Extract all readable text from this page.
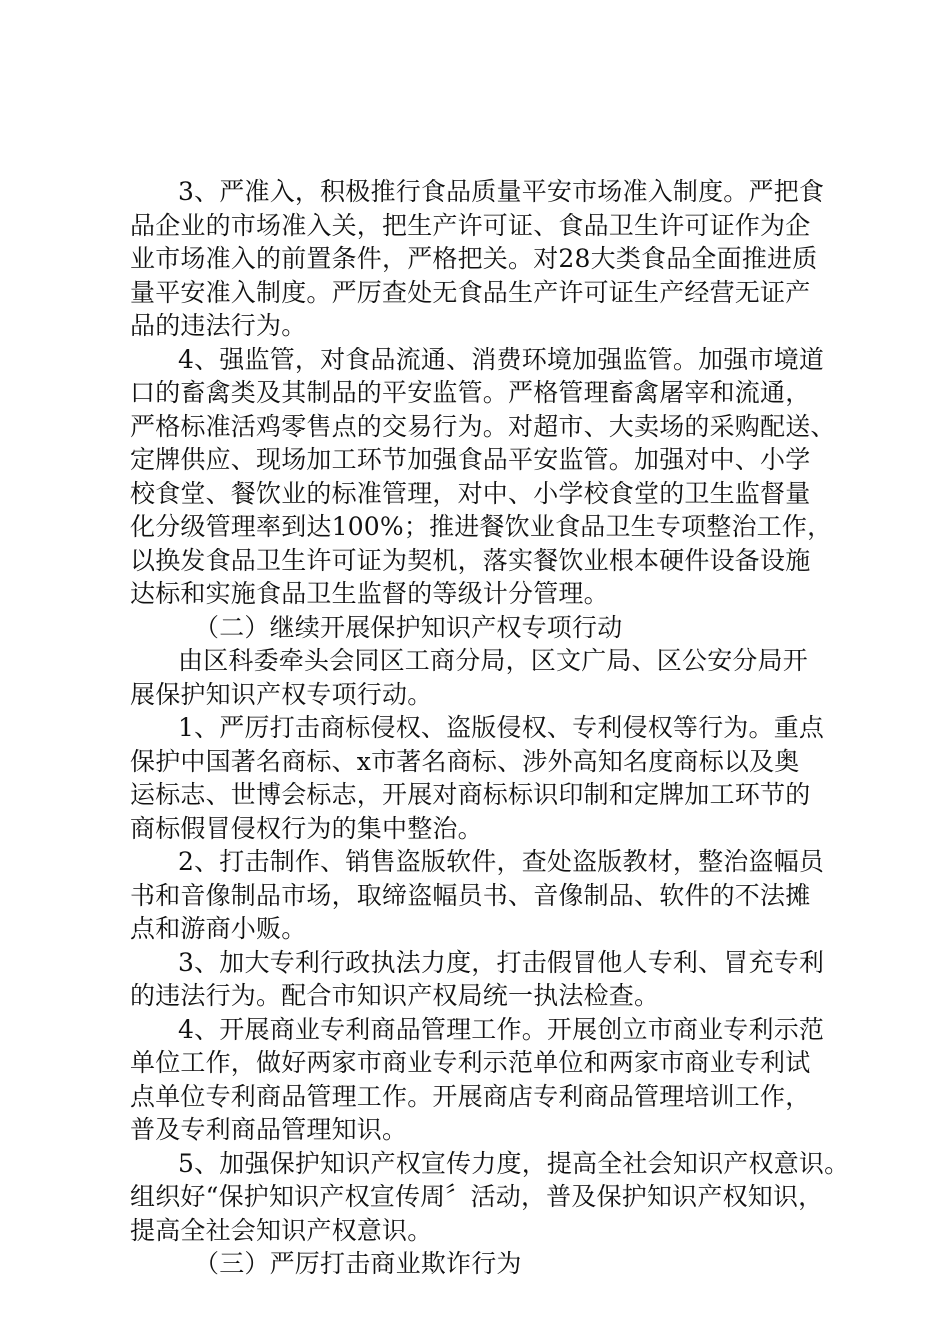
3、严准入，积极推行食品质量平安市场准入制度。严把食
品企业的市场准入关，把生产许可证、食品卫生许可证作为企
业市场准入的前置条件，严格把关。对28大类食品全面推进质
量平安准入制度。严厉查处无食品生产许可证生产经营无证产
品的违法行为。
4、强监管，对食品流通、消费环境加强监管。加强市境道
口的畜禽类及其制品的平安监管。严格管理畜禽屠宰和流通，
严格标准活鸡零售点的交易行为。对超市、大卖场的采购配送、
定牌供应、现场加工环节加强食品平安监管。加强对中、小学
校食堂、餐饮业的标准管理，对中、小学校食堂的卫生监督量
化分级管理率到达100%；推进餐饮业食品卫生专项整治工作，
以换发食品卫生许可证为契机，落实餐饮业根本硬件设备设施
达标和实施食品卫生监督的等级计分管理。
（二）继续开展保护知识产权专项行动
由区科委牵头会同区工商分局，区文广局、区公安分局开
展保护知识产权专项行动。
1、严厉打击商标侵权、盗版侵权、专利侵权等行为。重点
保护中国著名商标、x市著名商标、涉外高知名度商标以及奥
运标志、世博会标志，开展对商标标识印制和定牌加工环节的
商标假冒侵权行为的集中整治。
2、打击制作、销售盗版软件，查处盗版教材，整治盗幅员
书和音像制品市场，取缔盗幅员书、音像制品、软件的不法摊
点和游商小贩。
3、加大专利行政执法力度，打击假冒他人专利、冒充专利
的违法行为。配合市知识产权局统一执法检查。
4、开展商业专利商品管理工作。开展创立市商业专利示范
单位工作，做好两家市商业专利示范单位和两家市商业专利试
点单位专利商品管理工作。开展商店专利商品管理培训工作，
普及专利商品管理知识。
5、加强保护知识产权宣传力度，提高全社会知识产权意识。
组织好“保护知识产权宣传周〞活动，普及保护知识产权知识，
提高全社会知识产权意识。
（三）严厉打击商业欺诈行为
